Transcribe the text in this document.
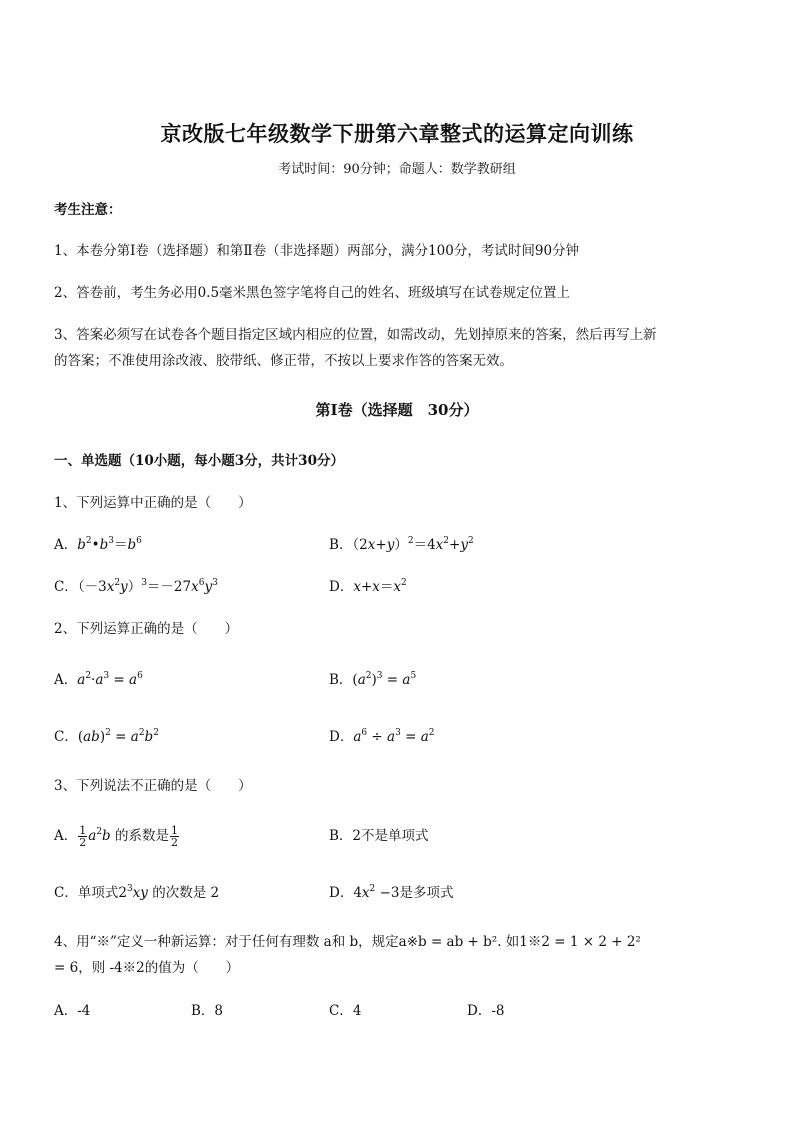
京改版七年级数学下册第六章整式的运算定向训练
考试时间：90分钟；命题人：数学教研组
考生注意：
1、本卷分第Ⅰ卷（选择题）和第Ⅱ卷（非选择题）两部分，满分100分，考试时间90分钟
2、答卷前，考生务必用0.5毫米黑色签字笔将自己的姓名、班级填写在试卷规定位置上
3、答案必须写在试卷各个题目指定区域内相应的位置，如需改动，先划掉原来的答案，然后再写上新
的答案；不准使用涂改液、胶带纸、修正带，不按以上要求作答的答案无效。
第Ⅰ卷（选择题　30分）
一、单选题（10小题，每小题3分，共计30分）
1、下列运算中正确的是（　　）
A．$b^2•b^3=b^6$	B．$(2x+y)^2=4x^2+y^2$
C．$(-3x^2y)^3=-27x^6y^3$	D．$x+x=x^2$
2、下列运算正确的是（　　）
A．$a^2\cdot a^3 = a^6$	B．$(a^2)^3 = a^5$
C．$(ab)^2 = a^2b^2$	D．$a^6 \div a^3 = a^2$
3、下列说法不正确的是（　　）
A． $\frac{1}{2} a^2b$ 的系数是 $\frac{1}{2}$	B．2不是单项式
C．单项式$2^3xy$ 的次数是 2	D．$4x^2 -3$是多项式
4、用“※”定义一种新运算：对于任何有理数 a和 b，规定a※b = ab + b². 如1※2 = 1 × 2 + 2²
= 6，则 -4※2的值为（　　）
A．-4	B．8	C．4	D．-8
